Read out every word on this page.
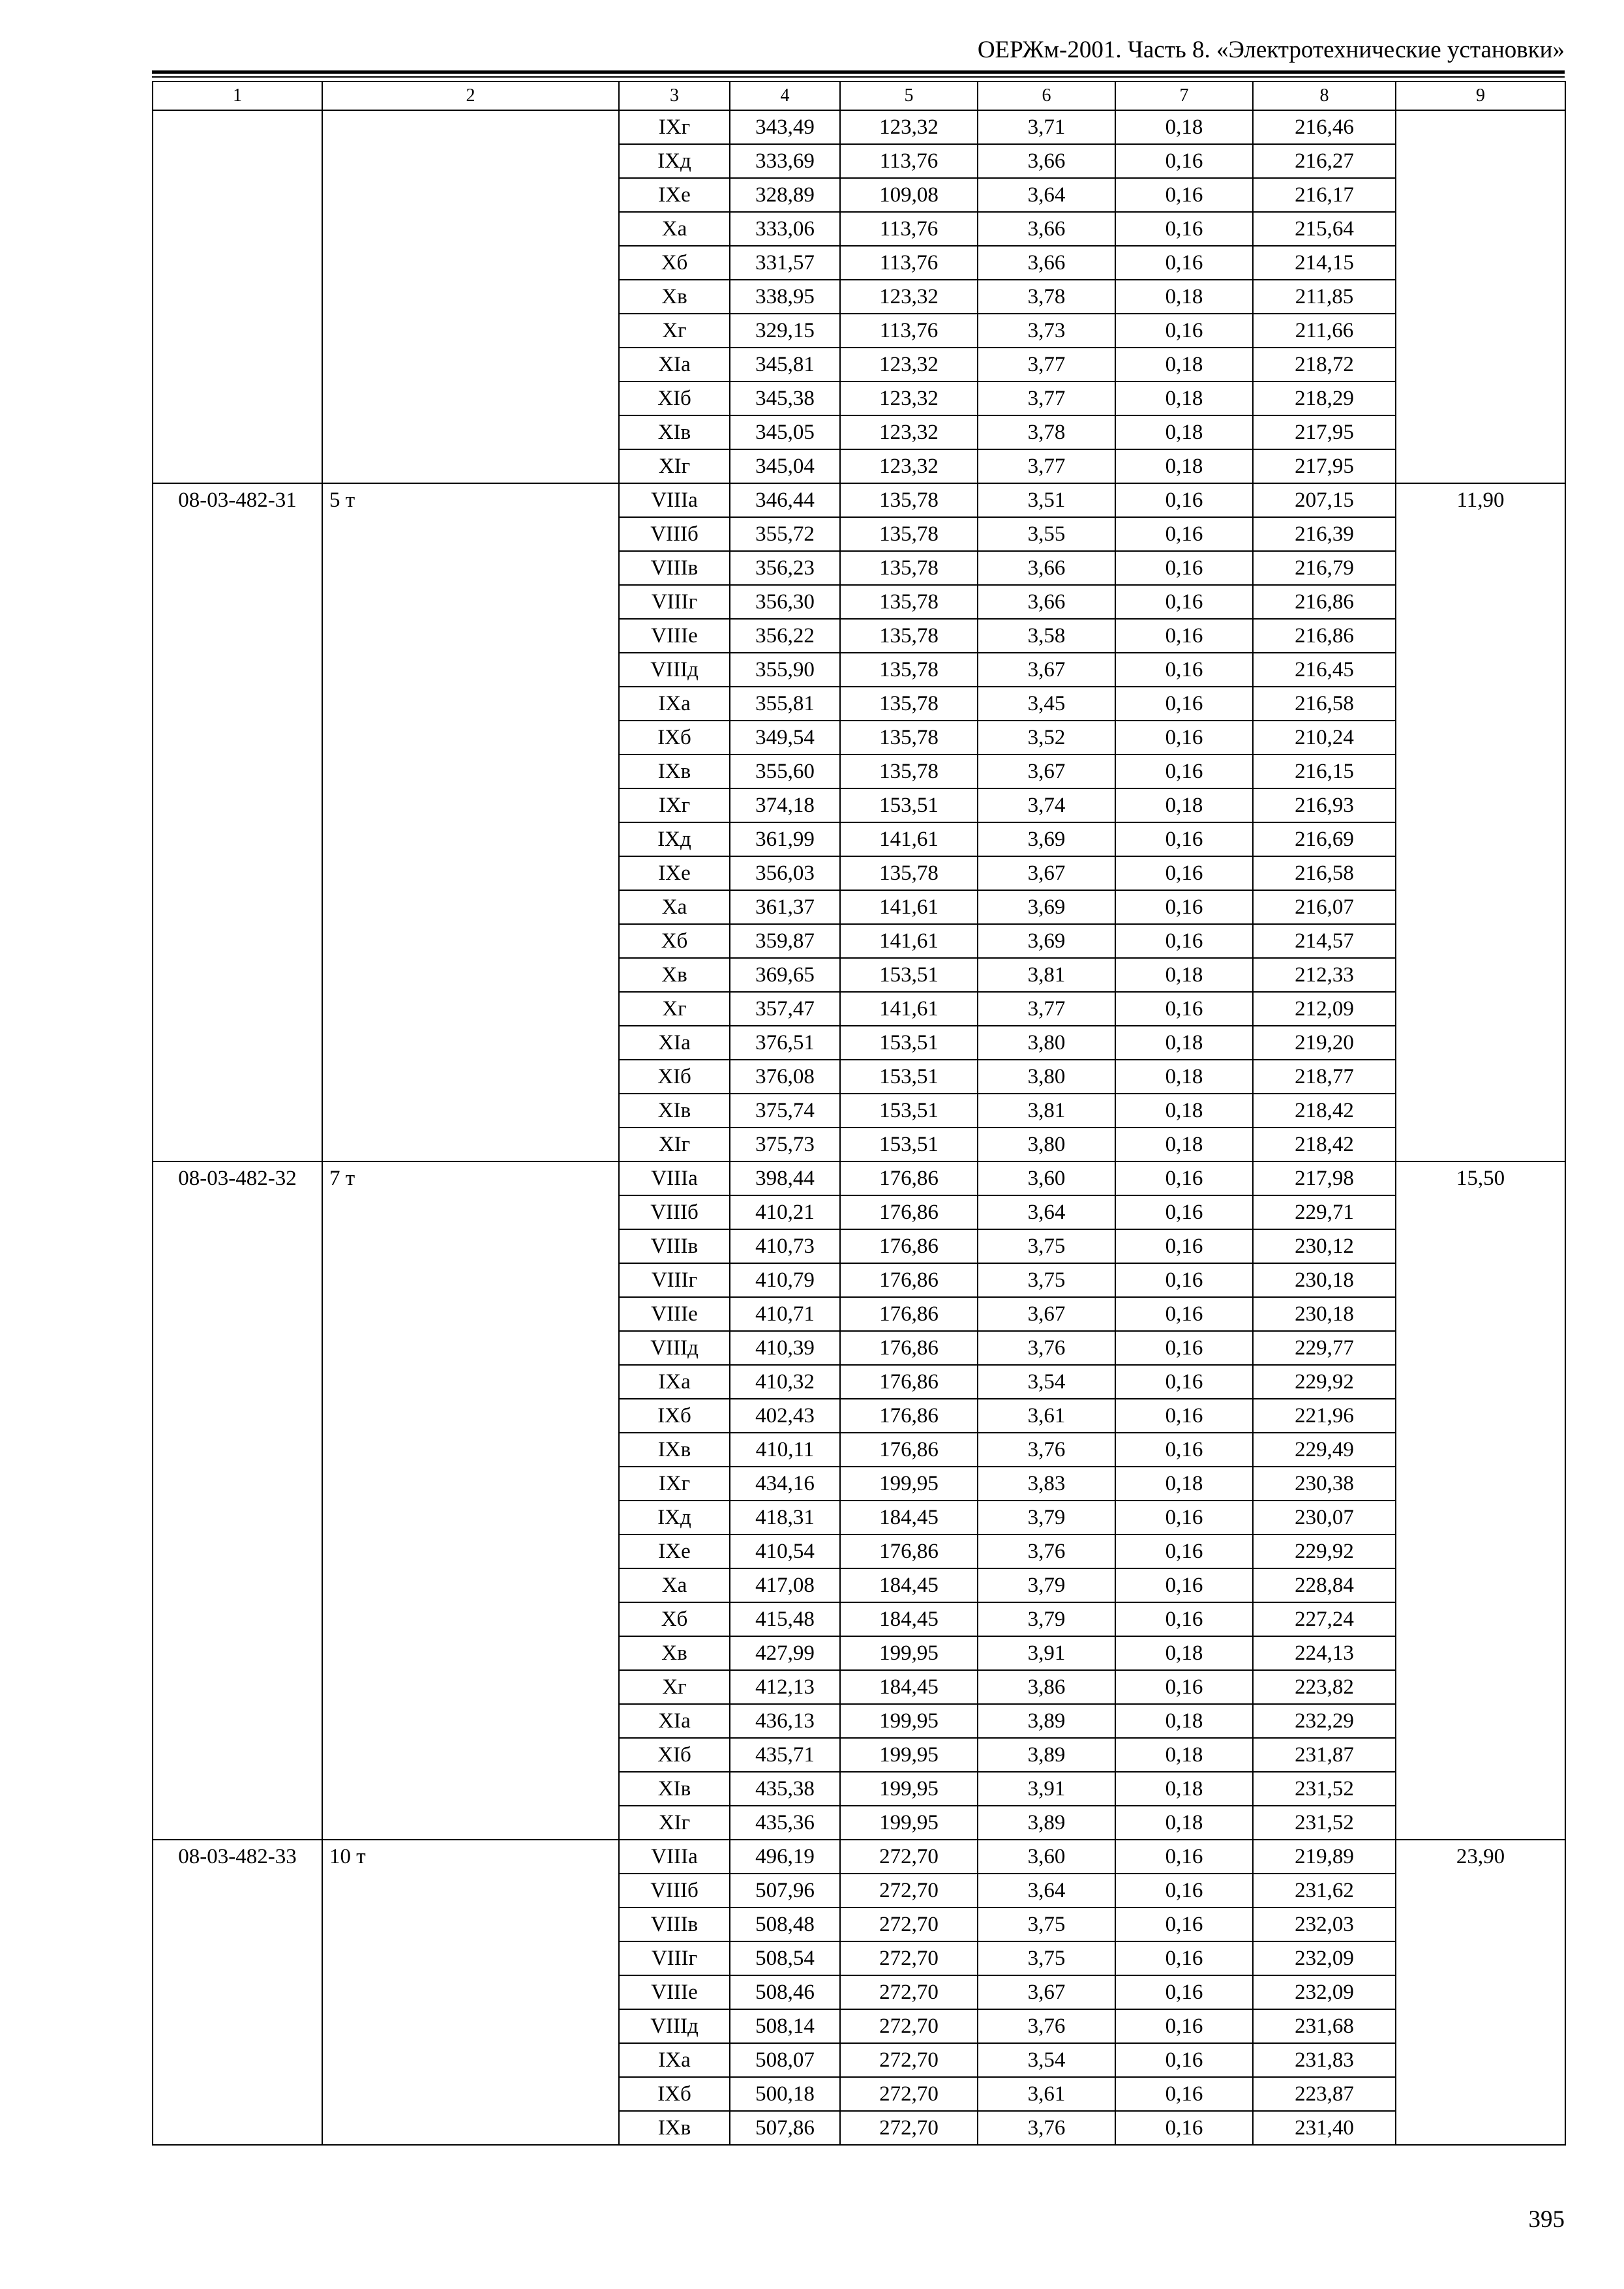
ОЕРЖм-2001. Часть 8. «Электротехнические установки»
1	2	3	4	5	6	7	8	9
		IXг	343,49	123,32	3,71	0,18	216,46	
		IXд	333,69	113,76	3,66	0,16	216,27	
		IXе	328,89	109,08	3,64	0,16	216,17	
		Xа	333,06	113,76	3,66	0,16	215,64	
		Xб	331,57	113,76	3,66	0,16	214,15	
		Xв	338,95	123,32	3,78	0,18	211,85	
		Xг	329,15	113,76	3,73	0,16	211,66	
		XIа	345,81	123,32	3,77	0,18	218,72	
		XIб	345,38	123,32	3,77	0,18	218,29	
		XIв	345,05	123,32	3,78	0,18	217,95	
		XIг	345,04	123,32	3,77	0,18	217,95	
08-03-482-31	5 т	VIIIа	346,44	135,78	3,51	0,16	207,15	11,90
		VIIIб	355,72	135,78	3,55	0,16	216,39	
		VIIIв	356,23	135,78	3,66	0,16	216,79	
		VIIIг	356,30	135,78	3,66	0,16	216,86	
		VIIIе	356,22	135,78	3,58	0,16	216,86	
		VIIIд	355,90	135,78	3,67	0,16	216,45	
		IXа	355,81	135,78	3,45	0,16	216,58	
		IXб	349,54	135,78	3,52	0,16	210,24	
		IXв	355,60	135,78	3,67	0,16	216,15	
		IXг	374,18	153,51	3,74	0,18	216,93	
		IXд	361,99	141,61	3,69	0,16	216,69	
		IXе	356,03	135,78	3,67	0,16	216,58	
		Xа	361,37	141,61	3,69	0,16	216,07	
		Xб	359,87	141,61	3,69	0,16	214,57	
		Xв	369,65	153,51	3,81	0,18	212,33	
		Xг	357,47	141,61	3,77	0,16	212,09	
		XIа	376,51	153,51	3,80	0,18	219,20	
		XIб	376,08	153,51	3,80	0,18	218,77	
		XIв	375,74	153,51	3,81	0,18	218,42	
		XIг	375,73	153,51	3,80	0,18	218,42	
08-03-482-32	7 т	VIIIа	398,44	176,86	3,60	0,16	217,98	15,50
		VIIIб	410,21	176,86	3,64	0,16	229,71	
		VIIIв	410,73	176,86	3,75	0,16	230,12	
		VIIIг	410,79	176,86	3,75	0,16	230,18	
		VIIIе	410,71	176,86	3,67	0,16	230,18	
		VIIIд	410,39	176,86	3,76	0,16	229,77	
		IXа	410,32	176,86	3,54	0,16	229,92	
		IXб	402,43	176,86	3,61	0,16	221,96	
		IXв	410,11	176,86	3,76	0,16	229,49	
		IXг	434,16	199,95	3,83	0,18	230,38	
		IXд	418,31	184,45	3,79	0,16	230,07	
		IXе	410,54	176,86	3,76	0,16	229,92	
		Xа	417,08	184,45	3,79	0,16	228,84	
		Xб	415,48	184,45	3,79	0,16	227,24	
		Xв	427,99	199,95	3,91	0,18	224,13	
		Xг	412,13	184,45	3,86	0,16	223,82	
		XIа	436,13	199,95	3,89	0,18	232,29	
		XIб	435,71	199,95	3,89	0,18	231,87	
		XIв	435,38	199,95	3,91	0,18	231,52	
		XIг	435,36	199,95	3,89	0,18	231,52	
08-03-482-33	10 т	VIIIа	496,19	272,70	3,60	0,16	219,89	23,90
		VIIIб	507,96	272,70	3,64	0,16	231,62	
		VIIIв	508,48	272,70	3,75	0,16	232,03	
		VIIIг	508,54	272,70	3,75	0,16	232,09	
		VIIIе	508,46	272,70	3,67	0,16	232,09	
		VIIIд	508,14	272,70	3,76	0,16	231,68	
		IXа	508,07	272,70	3,54	0,16	231,83	
		IXб	500,18	272,70	3,61	0,16	223,87	
		IXв	507,86	272,70	3,76	0,16	231,40	
395
